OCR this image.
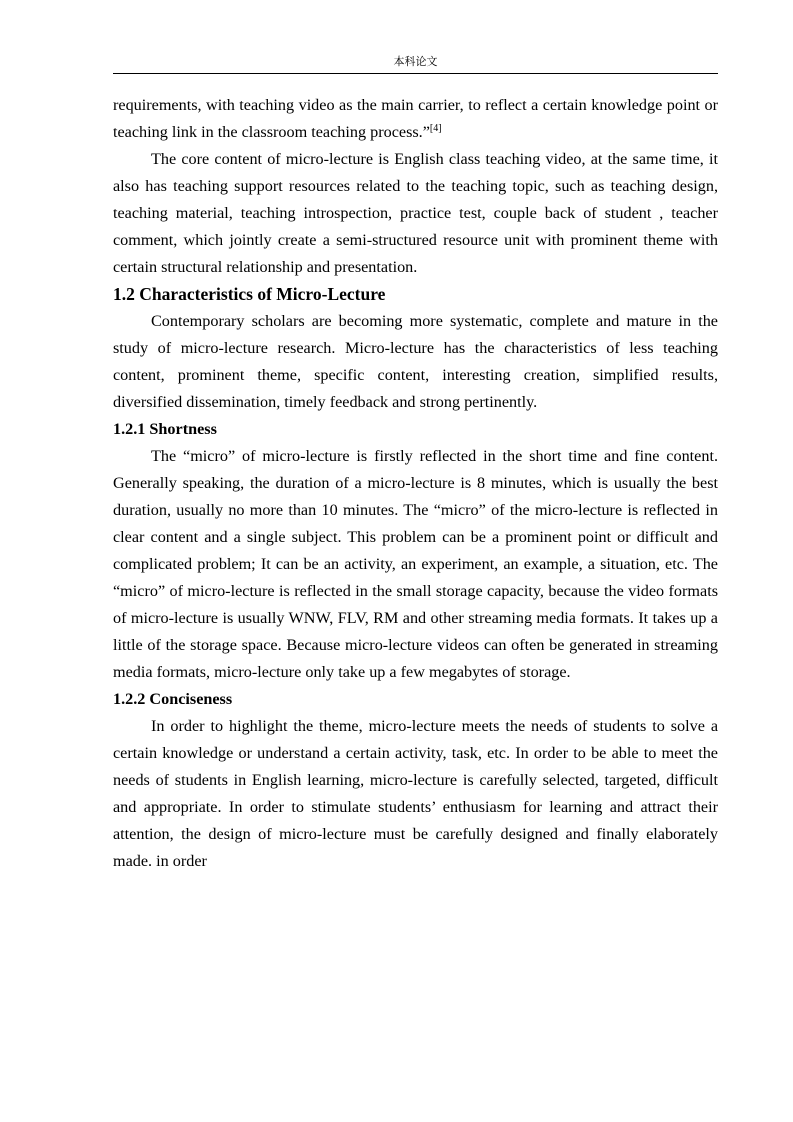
本科论文

requirements, with teaching video as the main carrier, to reflect a certain knowledge point or teaching link in the classroom teaching process.”[4]

The core content of micro-lecture is English class teaching video, at the same time, it also has teaching support resources related to the teaching topic, such as teaching design, teaching material, teaching introspection, practice test, couple back of student , teacher comment, which jointly create a semi-structured resource unit with prominent theme with certain structural relationship and presentation.

1.2 Characteristics of Micro-Lecture

Contemporary scholars are becoming more systematic, complete and mature in the study of micro-lecture research. Micro-lecture has the characteristics of less teaching content, prominent theme, specific content, interesting creation, simplified results, diversified dissemination, timely feedback and strong pertinently.

1.2.1 Shortness

The “micro” of micro-lecture is firstly reflected in the short time and fine content. Generally speaking, the duration of a micro-lecture is 8 minutes, which is usually the best duration, usually no more than 10 minutes. The “micro” of the micro-lecture is reflected in clear content and a single subject. This problem can be a prominent point or difficult and complicated problem; It can be an activity, an experiment, an example, a situation, etc. The “micro” of micro-lecture is reflected in the small storage capacity, because the video formats of micro-lecture is usually WNW, FLV, RM and other streaming media formats. It takes up a little of the storage space. Because micro-lecture videos can often be generated in streaming media formats, micro-lecture only take up a few megabytes of storage.

1.2.2 Conciseness

In order to highlight the theme, micro-lecture meets the needs of students to solve a certain knowledge or understand a certain activity, task, etc. In order to be able to meet the needs of students in English learning, micro-lecture is carefully selected, targeted, difficult and appropriate. In order to stimulate students’ enthusiasm for learning and attract their attention, the design of micro-lecture must be carefully designed and finally elaborately made. in order
